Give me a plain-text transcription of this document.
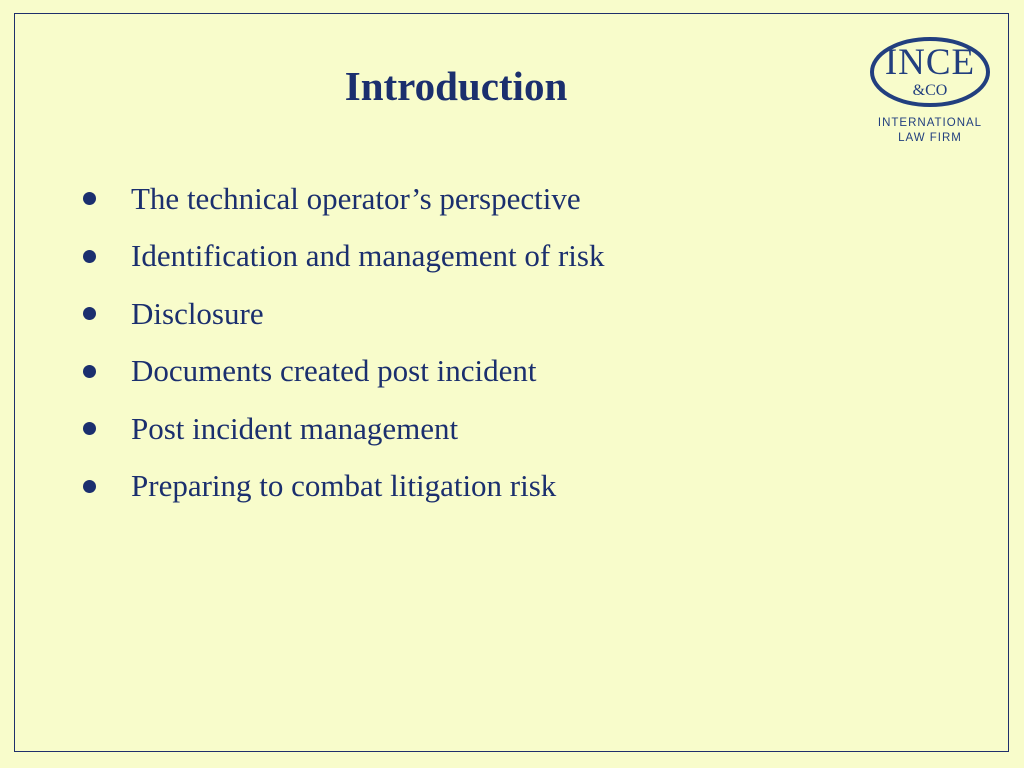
Introduction
INCE
&CO
INTERNATIONAL
LAW FIRM
The technical operator’s perspective
Identification and management of risk
Disclosure
Documents created post incident
Post incident management
Preparing to combat litigation risk
